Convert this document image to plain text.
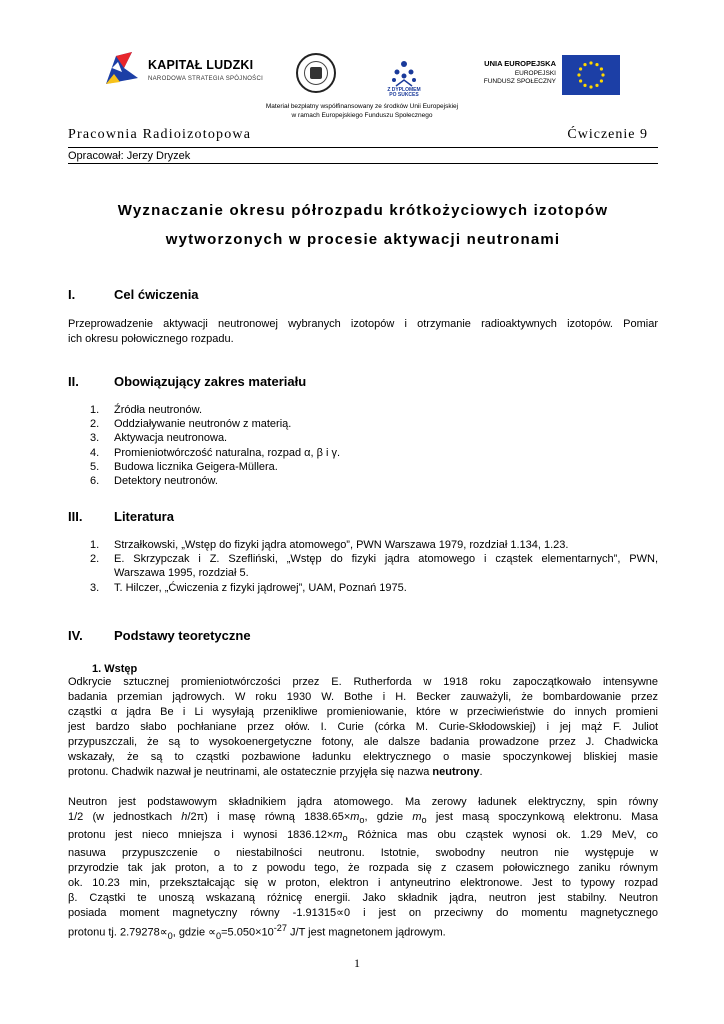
KAPITAŁ LUDZKI
NARODOWA STRATEGIA SPÓJNOŚCI
Z DYPLOMEM PO SUKCES
UNIA EUROPEJSKA
EUROPEJSKI
FUNDUSZ SPOŁECZNY
Materiał bezpłatny współfinansowany ze środków Unii Europejskiej
w ramach Europejskiego Funduszu Społecznego
Pracownia Radioizotopowa	Ćwiczenie 9
Opracował: Jerzy Dryzek
Wyznaczanie okresu półrozpadu krótkożyciowych izotopów
wytworzonych w procesie aktywacji neutronami
I.	Cel ćwiczenia
Przeprowadzenie aktywacji neutronowej wybranych izotopów i otrzymanie radioaktywnych izotopów. Pomiar
ich okresu połowicznego rozpadu.
II.	Obowiązujący zakres materiału
1. Źródła neutronów.
2. Oddziaływanie neutronów z materią.
3. Aktywacja neutronowa.
4. Promieniotwórczość naturalna, rozpad α, β i γ.
5. Budowa licznika Geigera-Müllera.
6. Detektory neutronów.
III. Literatura
1. Strzałkowski, „Wstęp do fizyki jądra atomowego”, PWN Warszawa 1979, rozdział 1.134, 1.23.
2. E. Skrzypczak i Z. Szefliński, „Wstęp do fizyki jądra atomowego i cząstek elementarnych”, PWN,
Warszawa 1995, rozdział 5.
3. T. Hilczer, „Ćwiczenia z fizyki jądrowej”, UAM, Poznań 1975.
IV. Podstawy teoretyczne
1. Wstęp
Odkrycie sztucznej promieniotwórczości przez E. Rutherforda w 1918 roku zapoczątkowało intensywne
badania przemian jądrowych. W roku 1930 W. Bothe i H. Becker zauważyli, że bombardowanie przez
cząstki α jądra Be i Li wysyłają przenikliwe promieniowanie, które w przeciwieństwie do innych promieni
jest bardzo słabo pochłaniane przez ołów. I. Curie (córka M. Curie-Skłodowskiej) i jej mąż F. Juliot
przypuszczali, że są to wysokoenergetyczne fotony, ale dalsze badania prowadzone przez J. Chadwicka
wskazały, że są to cząstki pozbawione ładunku elektrycznego o masie spoczynkowej bliskiej masie
protonu. Chadwik nazwał je neutrinami, ale ostatecznie przyjęła się nazwa neutrony.
Neutron jest podstawowym składnikiem jądra atomowego. Ma zerowy ładunek elektryczny, spin równy
1/2 (w jednostkach h/2π) i masę równą $1838.65\times m_o$, gdzie $m_o$ jest masą spoczynkową elektronu. Masa
protonu jest nieco mniejsza i wynosi $1836.12\times m_o$ Różnica mas obu cząstek wynosi ok. 1.29 MeV, co
nasuwa przypuszczenie o niestabilności neutronu. Istotnie, swobodny neutron nie występuje w
przyrodzie tak jak proton, a to z powodu tego, że rozpada się z czasem połowicznego zaniku równym
ok. 10.23 min, przekształcając się w proton, elektron i antyneutrino elektronowe. Jest to typowy rozpad
β. Cząstki te unoszą wskazaną różnicę energii. Jako składnik jądra, neutron jest stabilny. Neutron
posiada moment magnetyczny równy -1.91315∝0 i jest on przeciwny do momentu magnetycznego
protonu tj. $2.79278\propto_0$, gdzie $\propto_0=5.050\times 10^{-27}$ J/T jest magnetonem jądrowym.
1
